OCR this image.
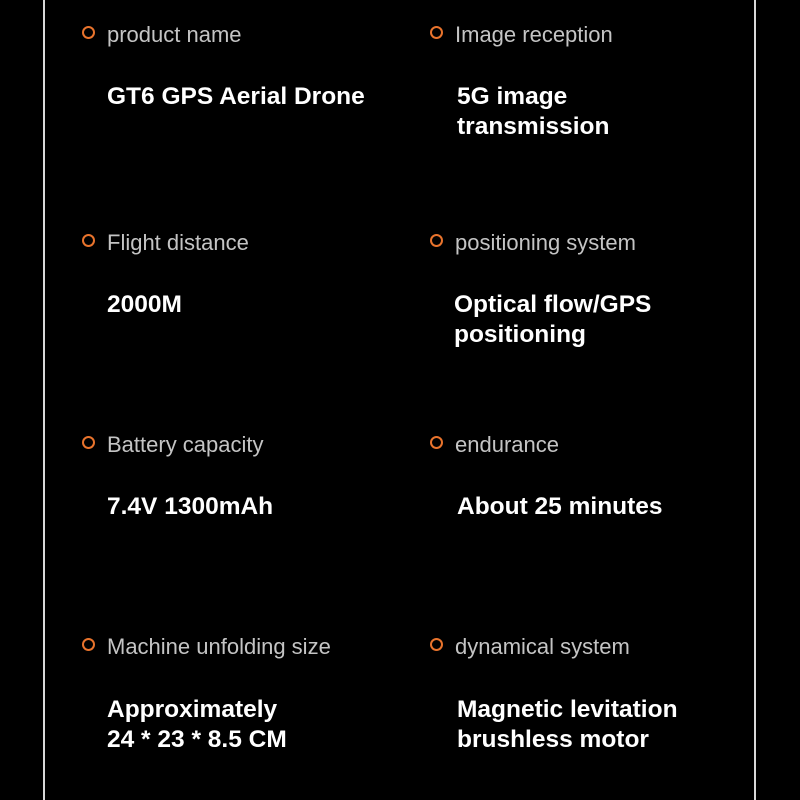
product name
GT6 GPS Aerial Drone
Image reception
5G image
transmission
Flight distance
2000M
positioning system
Optical flow/GPS
positioning
Battery capacity
7.4V 1300mAh
endurance
About 25 minutes
Machine unfolding size
Approximately
24 * 23 * 8.5 CM
dynamical system
Magnetic levitation
brushless motor
